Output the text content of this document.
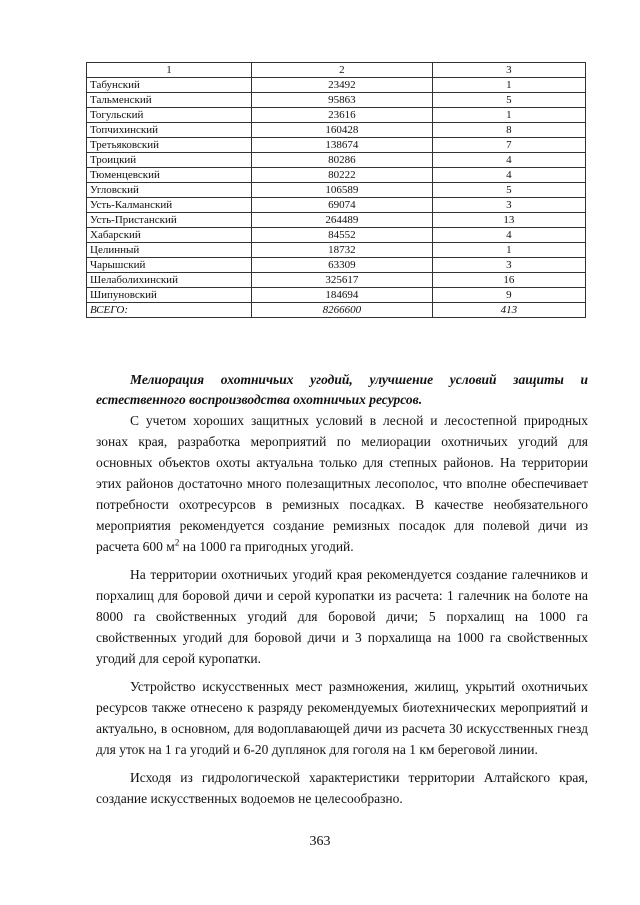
1	2	3
Табунский	23492	1
Тальменский	95863	5
Тогульский	23616	1
Топчихинский	160428	8
Третьяковский	138674	7
Троицкий	80286	4
Тюменцевский	80222	4
Угловский	106589	5
Усть-Калманский	69074	3
Усть-Пристанский	264489	13
Хабарский	84552	4
Целинный	18732	1
Чарышский	63309	3
Шелаболихинский	325617	16
Шипуновский	184694	9
ВСЕГО:	8266600	413
Мелиорация охотничьих угодий, улучшение условий защиты и естественного воспроизводства охотничьих ресурсов.

С учетом хороших защитных условий в лесной и лесостепной природных зонах края, разработка мероприятий по мелиорации охотничьих угодий для основных объектов охоты актуальна только для степных районов. На территории этих районов достаточно много полезащитных лесополос, что вполне обеспечивает потребности охотресурсов в ремизных посадках. В качестве необязательного мероприятия рекомендуется создание ремизных посадок для полевой дичи из расчета 600 $м^2$ на 1000 га пригодных угодий.

На территории охотничьих угодий края рекомендуется создание галечников и порхалищ для боровой дичи и серой куропатки из расчета: 1 галечник на болоте на 8000 га свойственных угодий для боровой дичи; 5 порхалищ на 1000 га свойственных угодий для боровой дичи и 3 порхалища на 1000 га свойственных угодий для серой куропатки.

Устройство искусственных мест размножения, жилищ, укрытий охотничьих ресурсов также отнесено к разряду рекомендуемых биотехнических мероприятий и актуально, в основном, для водоплавающей дичи из расчета 30 искусственных гнезд для уток на 1 га угодий и 6-20 дуплянок для гоголя на 1 км береговой линии.

Исходя из гидрологической характеристики территории Алтайского края, создание искусственных водоемов не целесообразно.

363
